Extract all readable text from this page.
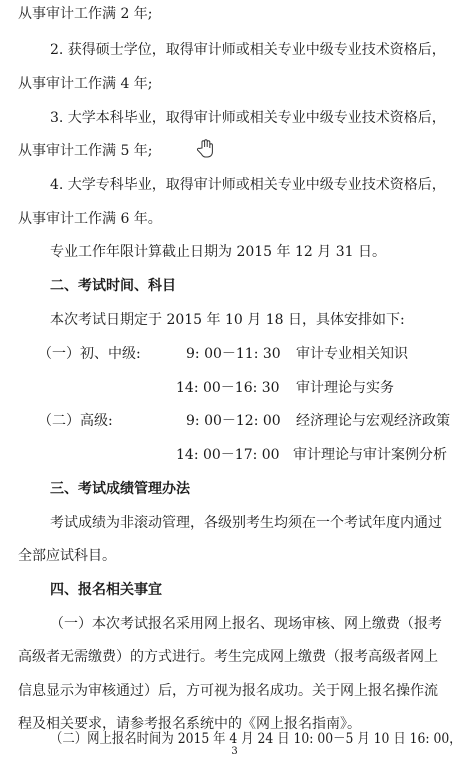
从事审计工作满 2 年;
2. 获得硕士学位，取得审计师或相关专业中级专业技术资格后，
从事审计工作满 4 年;
3. 大学本科毕业，取得审计师或相关专业中级专业技术资格后，
从事审计工作满 5 年;
4. 大学专科毕业，取得审计师或相关专业中级专业技术资格后，
从事审计工作满 6 年。
专业工作年限计算截止日期为 2015 年 12 月 31 日。
二、考试时间、科目
本次考试日期定于 2015 年 10 月 18 日，具体安排如下:
（一）初、中级:	9: 00－11: 30 审计专业相关知识
14: 00－16: 30 审计理论与实务
（二）高级:	9: 00－12: 00 经济理论与宏观经济政策
14: 00－17: 00 审计理论与审计案例分析
三、考试成绩管理办法
考试成绩为非滚动管理，各级别考生均须在一个考试年度内通过
全部应试科目。
四、报名相关事宜
（一）本次考试报名采用网上报名、现场审核、网上缴费（报考
高级者无需缴费）的方式进行。考生完成网上缴费（报考高级者网上
信息显示为审核通过）后，方可视为报名成功。关于网上报名操作流
程及相关要求，请参考报名系统中的《网上报名指南》。
3
（二）网上报名时间为 2015 年 4 月 24 日 10: 00－5 月 10 日 16: 00，
